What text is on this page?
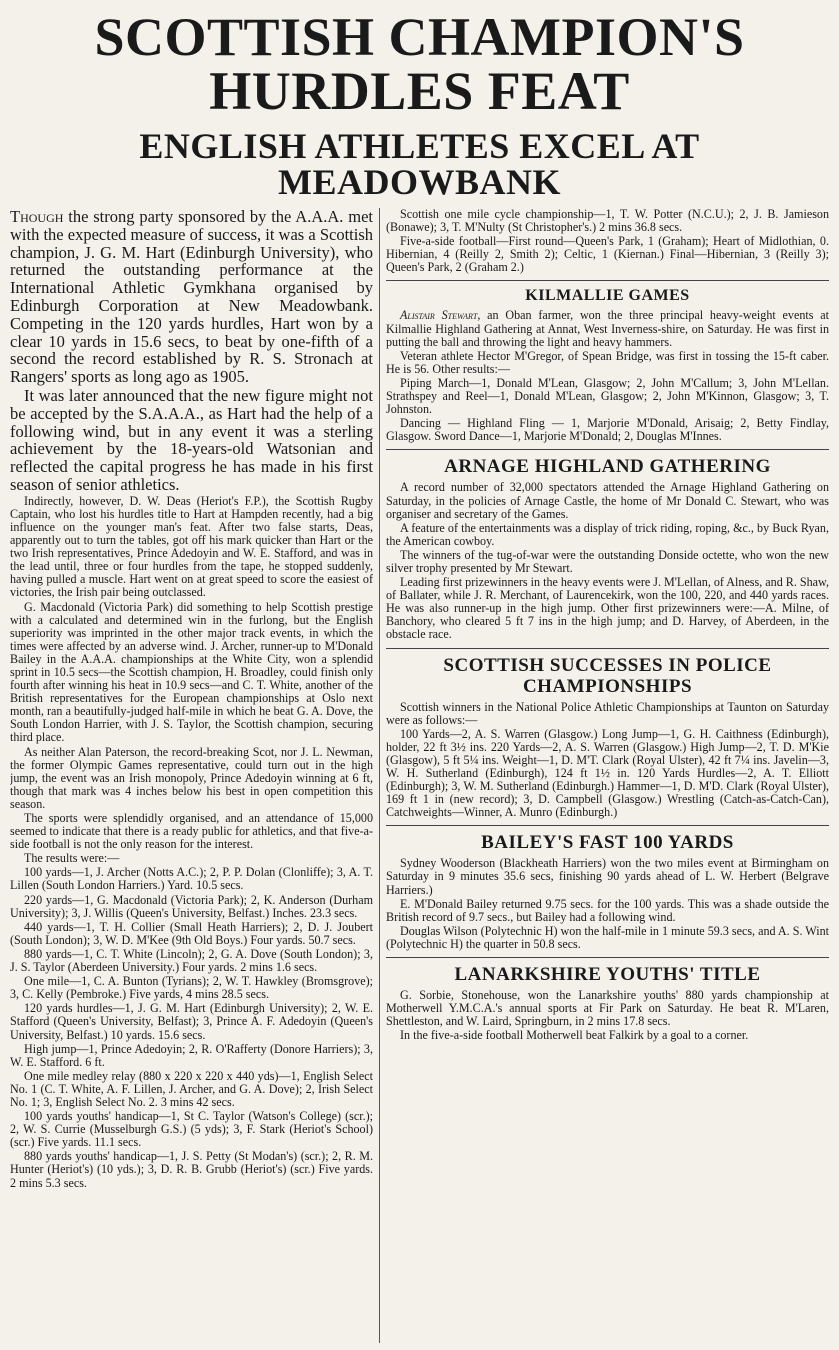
SCOTTISH CHAMPION'S HURDLES FEAT
ENGLISH ATHLETES EXCEL AT MEADOWBANK

Though the strong party sponsored by the A.A.A. met with the expected measure of success, it was a Scottish champion, J. G. M. Hart (Edinburgh University), who returned the outstanding performance at the International Athletic Gymkhana organised by Edinburgh Corporation at New Meadowbank. Competing in the 120 yards hurdles, Hart won by a clear 10 yards in 15.6 secs, to beat by one-fifth of a second the record established by R. S. Stronach at Rangers' sports as long ago as 1905.

It was later announced that the new figure might not be accepted by the S.A.A.A., as Hart had the help of a following wind, but in any event it was a sterling achievement by the 18-years-old Watsonian and reflected the capital progress he has made in his first season of senior athletics.

Indirectly, however, D. W. Deas (Heriot's F.P.), the Scottish Rugby Captain, who lost his hurdles title to Hart at Hampden recently, had a big influence on the younger man's feat. After two false starts, Deas, apparently out to turn the tables, got off his mark quicker than Hart or the two Irish representatives, Prince Adedoyin and W. E. Stafford, and was in the lead until, three or four hurdles from the tape, he stopped suddenly, having pulled a muscle. Hart went on at great speed to score the easiest of victories, the Irish pair being outclassed.

G. Macdonald (Victoria Park) did something to help Scottish prestige with a calculated and determined win in the furlong, but the English superiority was imprinted in the other major track events, in which the times were affected by an adverse wind. J. Archer, runner-up to M'Donald Bailey in the A.A.A. championships at the White City, won a splendid sprint in 10.5 secs—the Scottish champion, H. Broadley, could finish only fourth after winning his heat in 10.9 secs—and C. T. White, another of the British representatives for the European championships at Oslo next month, ran a beautifully-judged half-mile in which he beat G. A. Dove, the South London Harrier, with J. S. Taylor, the Scottish champion, securing third place.

As neither Alan Paterson, the record-breaking Scot, nor J. L. Newman, the former Olympic Games representative, could turn out in the high jump, the event was an Irish monopoly, Prince Adedoyin winning at 6 ft, though that mark was 4 inches below his best in open competition this season.

The sports were splendidly organised, and an attendance of 15,000 seemed to indicate that there is a ready public for athletics, and that five-a-side football is not the only reason for the interest.

The results were:—

100 yards—1, J. Archer (Notts A.C.); 2, P. P. Dolan (Clonliffe); 3, A. T. Lillen (South London Harriers.) Yard. 10.5 secs.

220 yards—1, G. Macdonald (Victoria Park); 2, K. Anderson (Durham University); 3, J. Willis (Queen's University, Belfast.) Inches. 23.3 secs.

440 yards—1, T. H. Collier (Small Heath Harriers); 2, D. J. Joubert (South London); 3, W. D. M'Kee (9th Old Boys.) Four yards. 50.7 secs.

880 yards—1, C. T. White (Lincoln); 2, G. A. Dove (South London); 3, J. S. Taylor (Aberdeen University.) Four yards. 2 mins 1.6 secs.

One mile—1, C. A. Bunton (Tyrians); 2, W. T. Hawkley (Bromsgrove); 3, C. Kelly (Pembroke.) Five yards, 4 mins 28.5 secs.

120 yards hurdles—1, J. G. M. Hart (Edinburgh University); 2, W. E. Stafford (Queen's University, Belfast); 3, Prince A. F. Adedoyin (Queen's University, Belfast.) 10 yards. 15.6 secs.

High jump—1, Prince Adedoyin; 2, R. O'Rafferty (Donore Harriers); 3, W. E. Stafford. 6 ft.

One mile medley relay (880 x 220 x 220 x 440 yds)—1, English Select No. 1 (C. T. White, A. F. Lillen, J. Archer, and G. A. Dove); 2, Irish Select No. 1; 3, English Select No. 2. 3 mins 42 secs.

100 yards youths' handicap—1, St C. Taylor (Watson's College) (scr.); 2, W. S. Currie (Musselburgh G.S.) (5 yds); 3, F. Stark (Heriot's School) (scr.) Five yards. 11.1 secs.

880 yards youths' handicap—1, J. S. Petty (St Modan's) (scr.); 2, R. M. Hunter (Heriot's) (10 yds.); 3, D. R. B. Grubb (Heriot's) (scr.) Five yards. 2 mins 5.3 secs.

Scottish one mile cycle championship—1, T. W. Potter (N.C.U.); 2, J. B. Jamieson (Bonawe); 3, T. M'Nulty (St Christopher's.) 2 mins 36.8 secs.

Five-a-side football—First round—Queen's Park, 1 (Graham); Heart of Midlothian, 0. Hibernian, 4 (Reilly 2, Smith 2); Celtic, 1 (Kiernan.) Final—Hibernian, 3 (Reilly 3); Queen's Park, 2 (Graham 2.)

KILMALLIE GAMES

Alistair Stewart, an Oban farmer, won the three principal heavy-weight events at Kilmallie Highland Gathering at Annat, West Inverness-shire, on Saturday. He was first in putting the ball and throwing the light and heavy hammers.

Veteran athlete Hector M'Gregor, of Spean Bridge, was first in tossing the 15-ft caber. He is 56. Other results:—

Piping March—1, Donald M'Lean, Glasgow; 2, John M'Callum; 3, John M'Lellan. Strathspey and Reel—1, Donald M'Lean, Glasgow; 2, John M'Kinnon, Glasgow; 3, T. Johnston.

Dancing — Highland Fling — 1, Marjorie M'Donald, Arisaig; 2, Betty Findlay, Glasgow. Sword Dance—1, Marjorie M'Donald; 2, Douglas M'Innes.

ARNAGE HIGHLAND GATHERING

A record number of 32,000 spectators attended the Arnage Highland Gathering on Saturday, in the policies of Arnage Castle, the home of Mr Donald C. Stewart, who was organiser and secretary of the Games.

A feature of the entertainments was a display of trick riding, roping, &c., by Buck Ryan, the American cowboy.

The winners of the tug-of-war were the outstanding Donside octette, who won the new silver trophy presented by Mr Stewart.

Leading first prizewinners in the heavy events were J. M'Lellan, of Alness, and R. Shaw, of Ballater, while J. R. Merchant, of Laurencekirk, won the 100, 220, and 440 yards races. He was also runner-up in the high jump. Other first prizewinners were:—A. Milne, of Banchory, who cleared 5 ft 7 ins in the high jump; and D. Harvey, of Aberdeen, in the obstacle race.

SCOTTISH SUCCESSES IN POLICE
CHAMPIONSHIPS

Scottish winners in the National Police Athletic Championships at Taunton on Saturday were as follows:—

100 Yards—2, A. S. Warren (Glasgow.) Long Jump—1, G. H. Caithness (Edinburgh), holder, 22 ft 3½ ins. 220 Yards—2, A. S. Warren (Glasgow.) High Jump—2, T. D. M'Kie (Glasgow), 5 ft 5¼ ins. Weight—1, D. M'T. Clark (Royal Ulster), 42 ft 7¼ ins. Javelin—3, W. H. Sutherland (Edinburgh), 124 ft 1½ in. 120 Yards Hurdles—2, A. T. Elliott (Edinburgh); 3, W. M. Sutherland (Edinburgh.) Hammer—1, D. M'D. Clark (Royal Ulster), 169 ft 1 in (new record); 3, D. Campbell (Glasgow.) Wrestling (Catch-as-Catch-Can), Catchweights—Winner, A. Munro (Edinburgh.)

BAILEY'S FAST 100 YARDS

Sydney Wooderson (Blackheath Harriers) won the two miles event at Birmingham on Saturday in 9 minutes 35.6 secs, finishing 90 yards ahead of L. W. Herbert (Belgrave Harriers.)

E. M'Donald Bailey returned 9.75 secs. for the 100 yards. This was a shade outside the British record of 9.7 secs., but Bailey had a following wind.

Douglas Wilson (Polytechnic H) won the half-mile in 1 minute 59.3 secs, and A. S. Wint (Polytechnic H) the quarter in 50.8 secs.

LANARKSHIRE YOUTHS' TITLE

G. Sorbie, Stonehouse, won the Lanarkshire youths' 880 yards championship at Motherwell Y.M.C.A.'s annual sports at Fir Park on Saturday. He beat R. M'Laren, Shettleston, and W. Laird, Springburn, in 2 mins 17.8 secs.

In the five-a-side football Motherwell beat Falkirk by a goal to a corner.
